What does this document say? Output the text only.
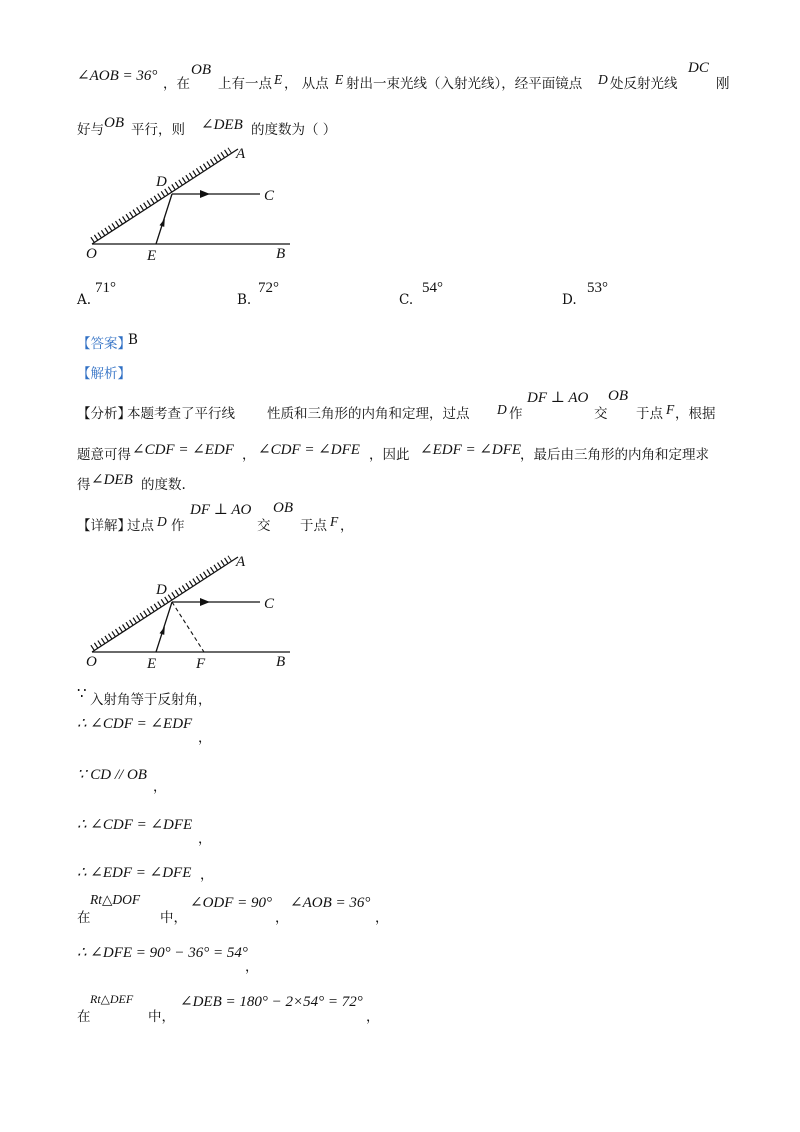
∠AOB = 36° ，在
OB
上有一点 E ， 从点 E 射出一束光线（入射光线），经平面镜点 D 处反射光线
DC
刚
好与 OB 平行，则 ∠DEB 的度数为（ ）
A
D
C
O	E	B
A.
71°
B.
72°
C.
54°
D.
53°
【答案】
B
【解析】
【分析】
本题考查了平行线 性质和三角形的内角和定理，过点 D 作
DF ⊥ AO
交
OB
于点 F ，根据
题意可得 ∠CDF = ∠EDF ， ∠CDF = ∠DFE ，因此 ∠EDF = ∠DFE
，最后由三角形的内角和定理求
得 ∠DEB 的度数.
【详解】
过点 D 作
DF ⊥ AO
交
OB
于点 F ，
A
D
C
O	E	F	B
∵ 入射角等于反射角，
∴ ∠CDF = ∠EDF
，
∵ CD // OB
，
∴ ∠CDF = ∠DFE
，
∴ ∠EDF = ∠DFE ，
在
Rt△DOF
中，
∠ODF = 90°
，
∠AOB = 36°
，
∴ ∠DFE = 90° − 36° = 54°
，
在
Rt△DEF
中，
∠DEB = 180° − 2×54° = 72°
，
